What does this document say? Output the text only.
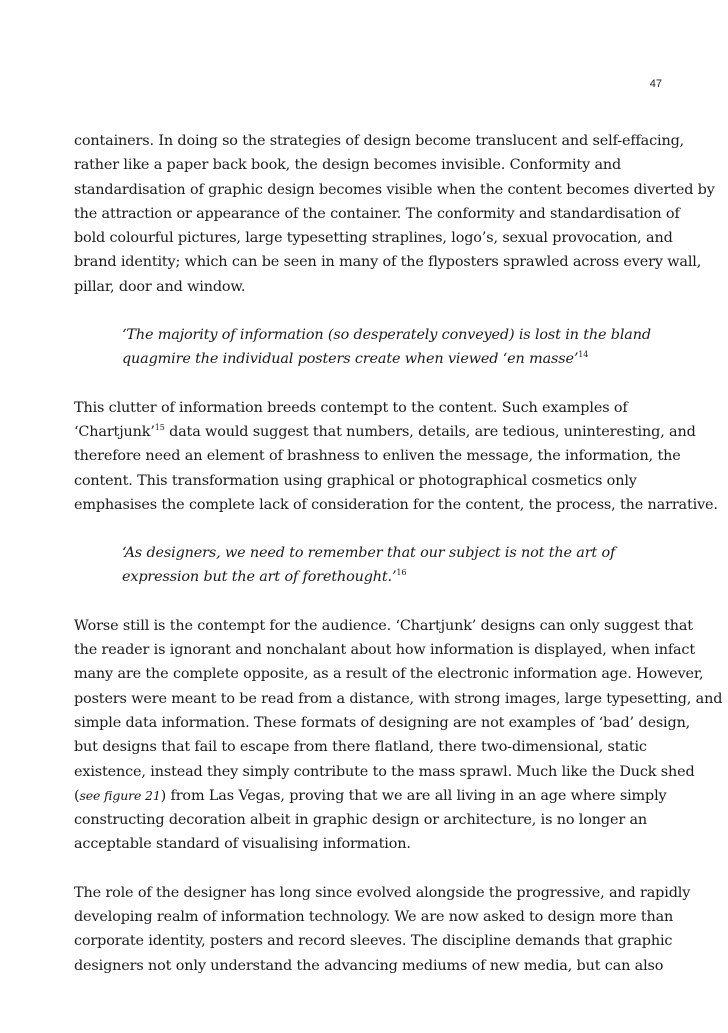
47

containers. In doing so the strategies of design become translucent and self-effacing,
rather like a paper back book, the design becomes invisible. Conformity and
standardisation of graphic design becomes visible when the content becomes diverted by
the attraction or appearance of the container. The conformity and standardisation of
bold colourful pictures, large typesetting straplines, logo’s, sexual provocation, and
brand identity; which can be seen in many of the flyposters sprawled across every wall,
pillar, door and window.

‘The majority of information (so desperately conveyed) is lost in the bland
quagmire the individual posters create when viewed ‘en masse’$^{14}$

This clutter of information breeds contempt to the content. Such examples of
‘Chartjunk’$^{15}$ data would suggest that numbers, details, are tedious, uninteresting, and
therefore need an element of brashness to enliven the message, the information, the
content. This transformation using graphical or photographical cosmetics only
emphasises the complete lack of consideration for the content, the process, the narrative.

‘As designers, we need to remember that our subject is not the art of
expression but the art of forethought.’$^{16}$

Worse still is the contempt for the audience. ‘Chartjunk’ designs can only suggest that
the reader is ignorant and nonchalant about how information is displayed, when infact
many are the complete opposite, as a result of the electronic information age. However,
posters were meant to be read from a distance, with strong images, large typesetting, and
simple data information. These formats of designing are not examples of ‘bad’ design,
but designs that fail to escape from there flatland, there two-dimensional, static
existence, instead they simply contribute to the mass sprawl. Much like the Duck shed
(see figure 21) from Las Vegas, proving that we are all living in an age where simply
constructing decoration albeit in graphic design or architecture, is no longer an
acceptable standard of visualising information.

The role of the designer has long since evolved alongside the progressive, and rapidly
developing realm of information technology. We are now asked to design more than
corporate identity, posters and record sleeves. The discipline demands that graphic
designers not only understand the advancing mediums of new media, but can also
